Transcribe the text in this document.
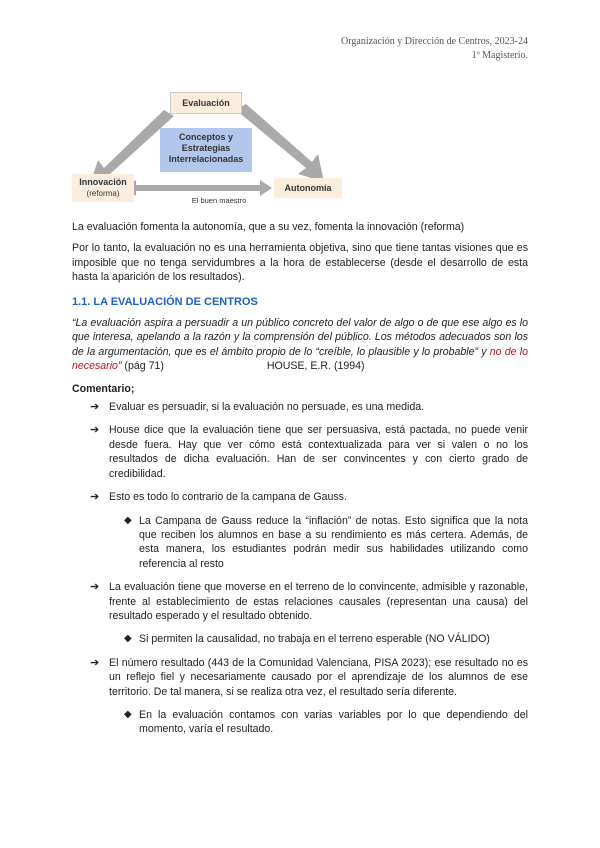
Organización y Dirección de Centros, 2023-24
1º Magisterio.
Evaluación
Conceptos y
Estrategias
Interrelacionadas
Innovación
(reforma)
Autonomía
El buen maestro

La evaluación fomenta la autonomía, que a su vez, fomenta la innovación (reforma)

Por lo tanto, la evaluación no es una herramienta objetiva, sino que tiene tantas visiones que es imposible que no tenga servidumbres a la hora de establecerse (desde el desarrollo de esta hasta la aparición de los resultados).

1.1. LA EVALUACIÓN DE CENTROS

“La evaluación aspira a persuadir a un público concreto del valor de algo o de que ese algo es lo que interesa, apelando a la razón y la comprensión del público. Los métodos adecuados son los de la argumentación, que es el ámbito propio de lo “creíble, lo plausible y lo probable” y no de lo necesario” (pág 71)	HOUSE, E.R. (1994)

Comentario;
➔ Evaluar es persuadir, si la evaluación no persuade, es una medida.
➔ House dice que la evaluación tiene que ser persuasiva, está pactada, no puede venir desde fuera. Hay que ver cómo está contextualizada para ver si valen o no los resultados de dicha evaluación. Han de ser convincentes y con cierto grado de credibilidad.
➔ Esto es todo lo contrario de la campana de Gauss.
◆ La Campana de Gauss reduce la “inflación” de notas. Esto significa que la nota que reciben los alumnos en base a su rendimiento es más certera. Además, de esta manera, los estudiantes podrán medir sus habilidades utilizando como referencia al resto
➔ La evaluación tiene que moverse en el terreno de lo convincente, admisible y razonable, frente al establecimiento de estas relaciones causales (representan una causa) del resultado esperado y el resultado obtenido.
◆ Si permiten la causalidad, no trabaja en el terreno esperable (NO VÁLIDO)
➔ El número resultado (443 de la Comunidad Valenciana, PISA 2023); ese resultado no es un reflejo fiel y necesariamente causado por el aprendizaje de los alumnos de ese territorio. De tal manera, si se realiza otra vez, el resultado sería diferente.
◆ En la evaluación contamos con varias variables por lo que dependiendo del momento, varía el resultado.
